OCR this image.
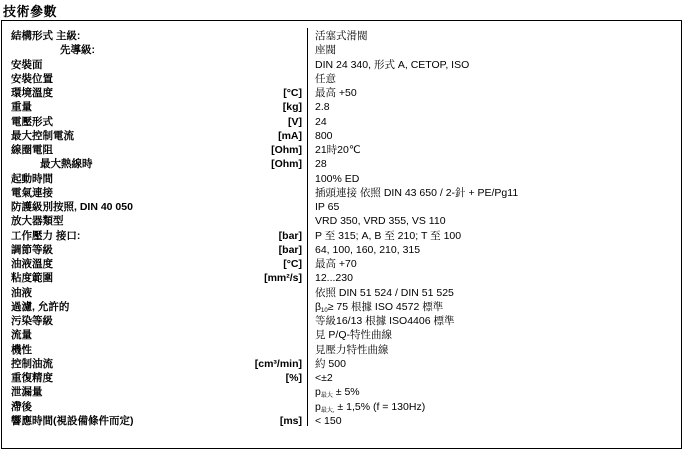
技術參數
結構形式 主級:	活塞式滑閥
先導級:	座閥
安裝面	DIN 24 340, 形式 A, CETOP, ISO
安裝位置	任意
環境溫度	[°C] 最高 +50
重量	[kg] 2.8
電壓形式	[V] 24
最大控制電流	[mA] 800
線圈電阻	[Ohm] 21時20℃
最大熱線時	[Ohm] 28
起動時間	100% ED
電氣連接	插頭連接 依照 DIN 43 650 / 2-針 + PE/Pg11
防護級別按照, DIN 40 050	IP 65
放大器類型	VRD 350, VRD 355, VS 110
工作壓力 接口:	[bar] P 至 315; A, B 至 210; T 至 100
調節等級	[bar] 64, 100, 160, 210, 315
油液溫度	[°C] 最高 +70
粘度範圍	[mm²/s] 12...230
油液	依照 DIN 51 524 / DIN 51 525
過濾, 允許的	$\beta_{10}\ge 75$ 根據 ISO 4572 標準
污染等級	等級16/13 根據 ISO4406 標準
流量	見 P/Q-特性曲線
機性	見壓力特性曲線
控制油流	[cm³/min] 約 500
重復精度	[%] <±2
泄漏量	$p_{最大} \pm 5\%$
滯後	$p_{最大,} \pm 1,5\%$ (f = 130Hz)
響應時間(視設備條件而定)	[ms] < 150
